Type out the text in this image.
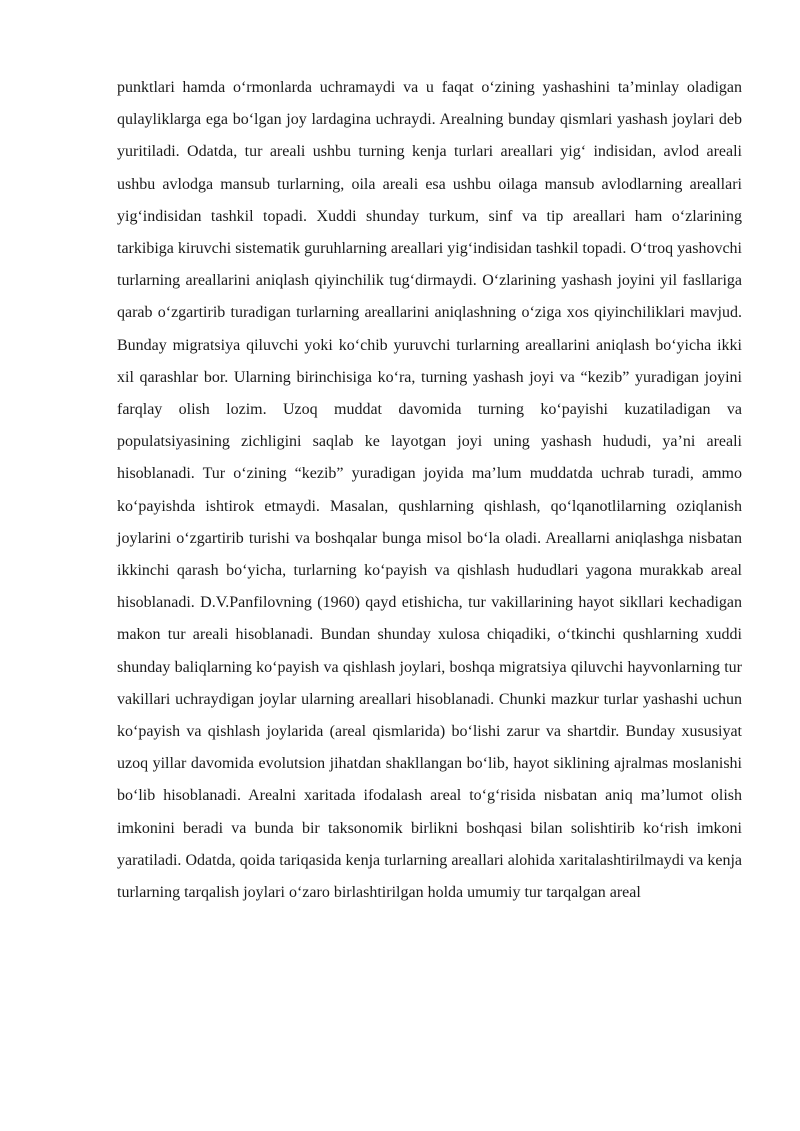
punktlari hamda o‘rmonlarda uchramaydi va u faqat o‘zining yashashini ta’minlay oladigan qulayliklarga ega bo‘lgan joy lardagina uchraydi. Arealning bunday qismlari yashash joylari deb yuritiladi. Odatda, tur areali ushbu turning kenja turlari areallari yig‘ indisidan, avlod areali ushbu avlodga mansub turlarning, oila areali esa ushbu oilaga mansub avlodlarning areallari yig‘indisidan tashkil topadi. Xuddi shunday turkum, sinf va tip areallari ham o‘zlarining tarkibiga kiruvchi sistematik guruhlarning areallari yig‘indisidan tashkil topadi. O‘troq yashovchi turlarning areallarini aniqlash qiyinchilik tug‘dirmaydi. O‘zlarining yashash joyini yil fasllariga qarab o‘zgartirib turadigan turlarning areallarini aniqlashning o‘ziga xos qiyinchiliklari mavjud. Bunday migratsiya qiluvchi yoki ko‘chib yuruvchi turlarning areallarini aniqlash bo‘yicha ikki xil qarashlar bor. Ularning birinchisiga ko‘ra, turning yashash joyi va “kezib” yuradigan joyini farqlay olish lozim. Uzoq muddat davomida turning ko‘payishi kuzatiladigan va populatsiyasining zichligini saqlab ke layotgan joyi uning yashash hududi, ya’ni areali hisoblanadi. Tur o‘zining “kezib” yuradigan joyida ma’lum muddatda uchrab turadi, ammo ko‘payishda ishtirok etmaydi. Masalan, qushlarning qishlash, qo‘lqanotlilarning oziqlanish joylarini o‘zgartirib turishi va boshqalar bunga misol bo‘la oladi. Areallarni aniqlashga nisbatan ikkinchi qarash bo‘yicha, turlarning ko‘payish va qishlash hududlari yagona murakkab areal hisoblanadi. D.V.Panfilovning (1960) qayd etishicha, tur vakillarining hayot sikllari kechadigan makon tur areali hisoblanadi. Bundan shunday xulosa chiqadiki, o‘tkinchi qushlarning xuddi shunday baliqlarning ko‘payish va qishlash joylari, boshqa migratsiya qiluvchi hayvonlarning tur vakillari uchraydigan joylar ularning areallari hisoblanadi. Chunki mazkur turlar yashashi uchun ko‘payish va qishlash joylarida (areal qismlarida) bo‘lishi zarur va shartdir. Bunday xususiyat uzoq yillar davomida evolutsion jihatdan shakllangan bo‘lib, hayot siklining ajralmas moslanishi bo‘lib hisoblanadi. Arealni xaritada ifodalash areal to‘g‘risida nisbatan aniq ma’lumot olish imkonini beradi va bunda bir taksonomik birlikni boshqasi bilan solishtirib ko‘rish imkoni yaratiladi. Odatda, qoida tariqasida kenja turlarning areallari alohida xaritalashtirilmaydi va kenja turlarning tarqalish joylari o‘zaro birlashtirilgan holda umumiy tur tarqalgan areal
